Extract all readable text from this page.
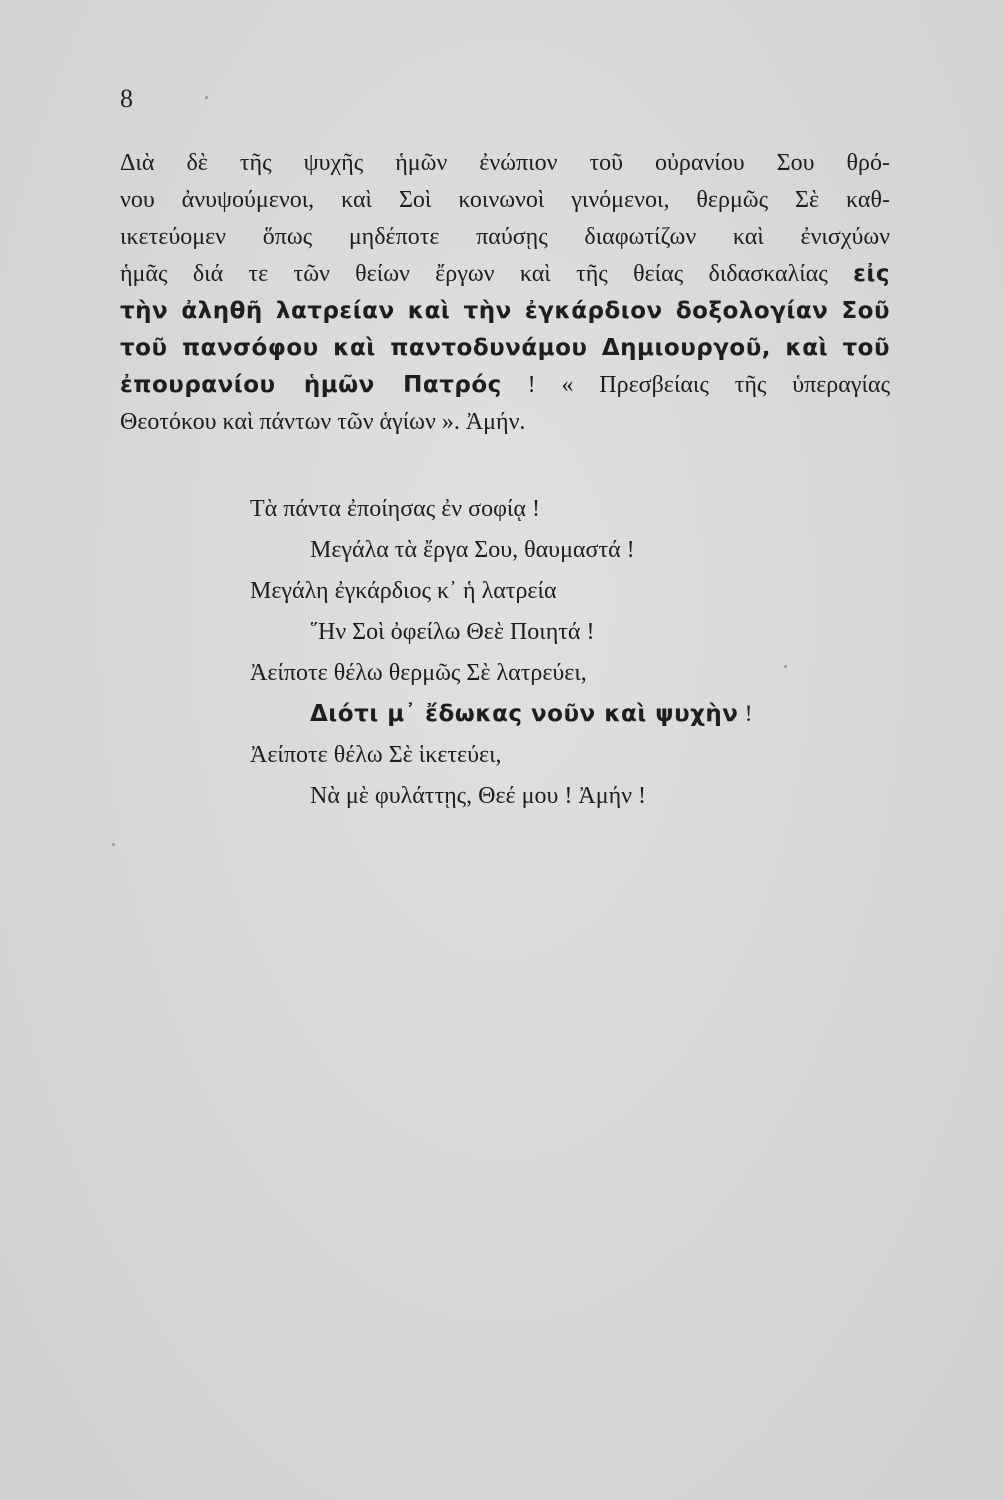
8
Διὰ δὲ τῆς ψυχῆς ἡμῶν ἐνώπιον τοῦ οὐρανίου Σου θρό-
νου ἀνυψούμενοι, καὶ Σοὶ κοινωνοὶ γινόμενοι, θερμῶς Σὲ καθ-
ικετεύομεν ὅπως μηδέποτε παύσῃς διαφωτίζων καὶ ἐνισχύων
ἡμᾶς διά τε τῶν θείων ἔργων καὶ τῆς θείας διδασκαλίας εἰς
τὴν ἀληθῆ λατρείαν καὶ τὴν ἐγκάρδιον δοξολογίαν Σοῦ
τοῦ πανσόφου καὶ παντοδυνάμου Δημιουργοῦ, καὶ τοῦ
ἐπουρανίου ἡμῶν Πατρός ! « Πρεσβείαις τῆς ὑπεραγίας
Θεοτόκου καὶ πάντων τῶν ἁγίων ». Ἀμήν.
Τὰ πάντα ἐποίησας ἐν σοφίᾳ !
Μεγάλα τὰ ἔργα Σου, θαυμαστά !
Μεγάλη ἐγκάρδιος κ᾽ ἡ λατρεία
῞Ην Σοὶ ὀφείλω Θεὲ Ποιητά !
Ἀείποτε θέλω θερμῶς Σὲ λατρεύει,
Διότι μ᾽ ἔδωκας νοῦν καὶ ψυχὴν !
Ἀείποτε θέλω Σὲ ἱκετεύει,
Νὰ μὲ φυλάττῃς, Θεέ μου ! Ἀμήν !
